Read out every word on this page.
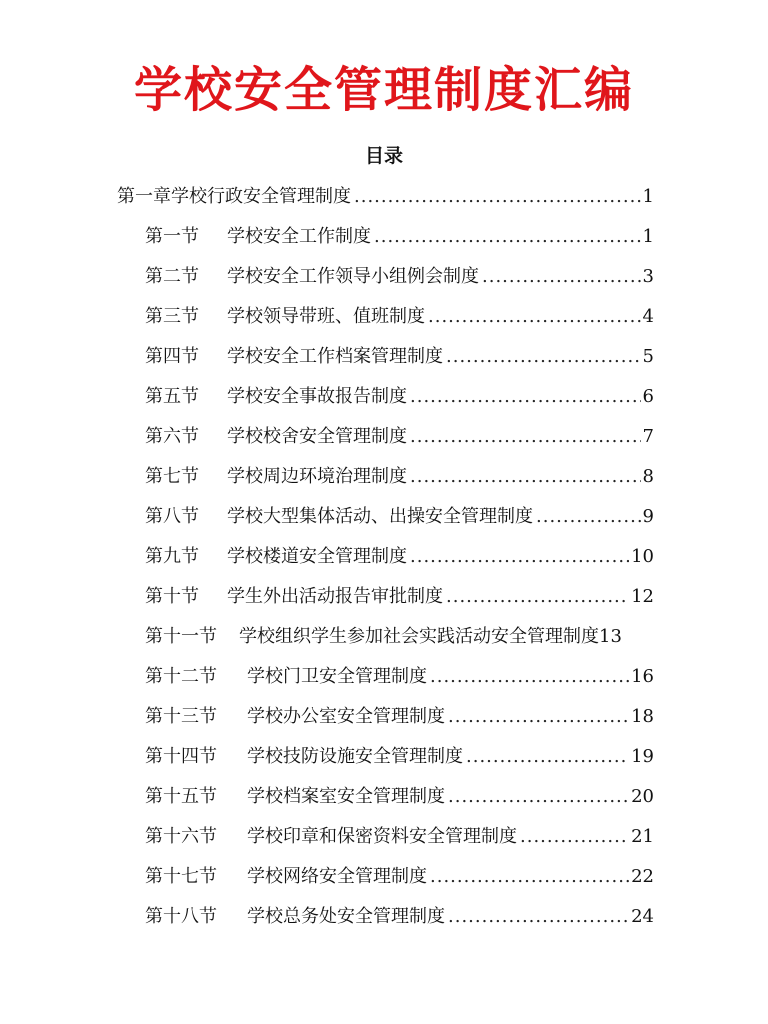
学校安全管理制度汇编
目录
第一章学校行政安全管理制度 .....	1
第一节	学校安全工作制度 .....	1
第二节	学校安全工作领导小组例会制度 .....	3
第三节	学校领导带班、值班制度 .....	4
第四节	学校安全工作档案管理制度 .....	5
第五节	学校安全事故报告制度 .....	6
第六节	学校校舍安全管理制度 .....	7
第七节	学校周边环境治理制度 .....	8
第八节	学校大型集体活动、出操安全管理制度 .....	9
第九节	学校楼道安全管理制度 .....	10
第十节	学生外出活动报告审批制度 .....	12
第十一节	学校组织学生参加社会实践活动安全管理制度 13
第十二节	学校门卫安全管理制度 .....	16
第十三节	学校办公室安全管理制度 .....	18
第十四节	学校技防设施安全管理制度 .....	19
第十五节	学校档案室安全管理制度 .....	20
第十六节	学校印章和保密资料安全管理制度 .....	21
第十七节	学校网络安全管理制度 .....	22
第十八节	学校总务处安全管理制度 .....	24
